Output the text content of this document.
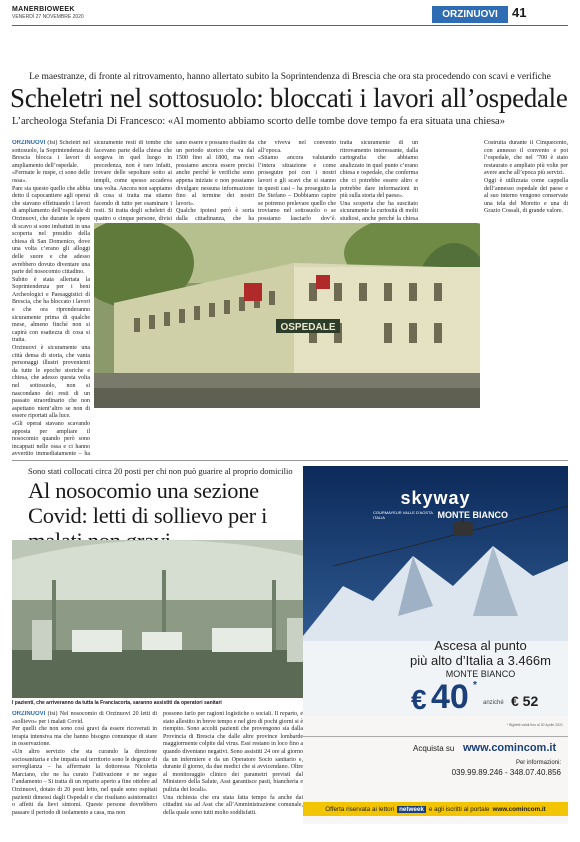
MANERBIOWEEK
VENERDÌ 27 NOVEMBRE 2020	ORZINUOVI	41
Le maestranze, di fronte al ritrovamento, hanno allertato subito la Soprintendenza di Brescia che ora sta procedendo con scavi e verifiche
Scheletri nel sottosuolo: bloccati i lavori all’ospedale
L’archeologa Stefania Di Francesco: «Al momento abbiamo scorto delle tombe dove tempo fa era situata una chiesa»
ORZINUOVI (fsi) Scheletri nel sottosuolo, la Soprintendenza di Brescia blocca i lavori di ampliamento dell’ospedale.
«Fermate le ruspe, ci sono delle ossa».
Pare sia questo quello che abbia detto il capocantiere agli operai che stavano effettuando i lavori di ampliamento dell’ospedale di Orzinuovi, che durante le opere di scavo si sono imbattuti in una scoperta nel presidio della chiesa di San Domenico, dove una volta c’erano gli alloggi delle suore e che adesso avrebbero dovuto diventare una parte del nosocomio cittadino.
Subito è stata allertata la Soprintendenza per i beni Archeologici e Paesaggistici di Brescia, che ha bloccato i lavori e che ora riprenderanno sicuramente prima di qualche mese, almeno finché non si capirà con esattezza di cosa si tratta.
Orzinuovi è sicuramente una città densa di storia, che vanta personaggi illustri provenienti da tutte le epoche storiche e chiesa, che adesso questa volta nel sottosuolo, non si nascondano dei resti di un passato straordinario che non aspettano nient’altro se non di essere riportati alla luce.
«Gli operai stavano scavando apposta per ampliare il nosocomio quando però sono incappati nelle ossa e ci hanno avvertito immediatamente – ha
sicuramente resti di tombe che facevano parte della chiesa che sorgeva in quel luogo in precedenza, non è raro infatti, trovare delle sepolture sotto ai templi, come spesso accadeva una volta. Ancora non sappiamo di cosa si tratta ma stiamo facendo di tutto per esaminare i resti. Si tratta degli scheletri di quattro o cinque persone, divisi
sano essere e possano risalire da un periodo storico che va dal 1500 fino al 1800, ma non possiamo ancora essere precisi anche perché le verifiche sono appena iniziate e non possiamo divulgare nessuna informazione fino al termine dei nostri lavori».
Qualche ipotesi però è sorta dalla cittadinanza, che ha
che viveva nel convento all’epoca.
«Stiamo ancora valutando l’intera situazione e come proseguire poi con i nostri lavori e gli scavi che si stanno in questi casi – ha proseguito la De Stefano – Dobbiamo capire se potremo prelevare quello che troviamo nel sottosuolo o se possiamo lasciarlo dov’è.
tratta sicuramente di un ritrovamento interessante, dalla cartografia che abbiamo analizzato in quel punto c’erano chiesa e ospedale, che conferma che ci potrebbe essere altro e potrebbe dare informazioni in più sulla storia del paese».
Una scoperta che ha suscitato sicuramente la curiosità di molti studiosi, anche perché la chiesa
Costruita durante il Cinquecento, con annesso il convento e poi l’ospedale, che nel ’700 è stato restaurato e ampliato più volte per avere anche all’epoca più servizi.
Oggi è utilizzata come cappella dell’annesso ospedale dei paese e al suo interno vengono conservate una tela del Moretto e una di Grazio Cossali, di grande valore.
OSPEDALE
Sono stati collocati circa 20 posti per chi non può guarire al proprio domicilio
Al nosocomio una sezione Covid: letti di sollievo per i
I pazienti, che arriveranno da tutta la Franciacorta, saranno assistiti da operatori sanitari
ORZINUOVI (fsi) Nel nosocomio di Orzinuovi 20 letti di «sollievo» per i malati Covid.
Per quelli che non sono così gravi da essere ricoverati in terapia intensiva ma che hanno bisogno comunque di stare in osservazione.
«Un altro servizio che sta curando la direzione sociosanitaria e che impatta sul territorio sono le degenze di sorveglianza – ha affermato la dottoressa Nicoletta Marciano, che ne ha curato l’attivazione e ne segue l’andamento – Si tratta di un reparto aperto a fine ottobre ad Orzinuovi, dotato di 20 posti letto, nel quale sono ospitati pazienti dimessi dagli Ospedali e che risultano asintomatici o affetti da lievi sintomi. Queste persone dovrebbero passare il periodo di isolamento a casa, ma non
possono farlo per ragioni logistiche o sociali. Il reparto, è stato allestito in breve tempo e nel giro di pochi giorni si è riempito. Sono accolti pazienti che provengono sia dalla Provincia di Brescia che dalle altre province lombarde maggiormente colpite dal virus. Essi restano in loco fino a quando diventano negativi. Sono assistiti 24 ore al giorno da un infermiere e da un Operatore Socio sanitario e, durante il giorno, da due medici che si avvicendano. Oltre al monitoraggio clinico dei parametri previsti dal Ministero della Salute, Asst garantisce pasti, biancheria e pulizia dei locali».
Una richiesta che era stata fatta tempo fa anche dai cittadini sia ad Asst che all’Amministrazione comunale, della quale sono tutti molto soddisfatti.
skyway
MONTE BIANCO
COURMAYEUR VALLE D'AOSTA ITALIA
Ascesa al punto
più alto d’Italia a 3.466m
MONTE BIANCO
€ 40 *
anziché € 52
* Biglietti validi fino al 30 Aprile 2021
Acquista su www.comincom.it
Per informazioni:
039.99.89.246 - 348.07.40.856
Offerta riservata ai lettori netweek e agli iscritti al portale www.comincom.it
